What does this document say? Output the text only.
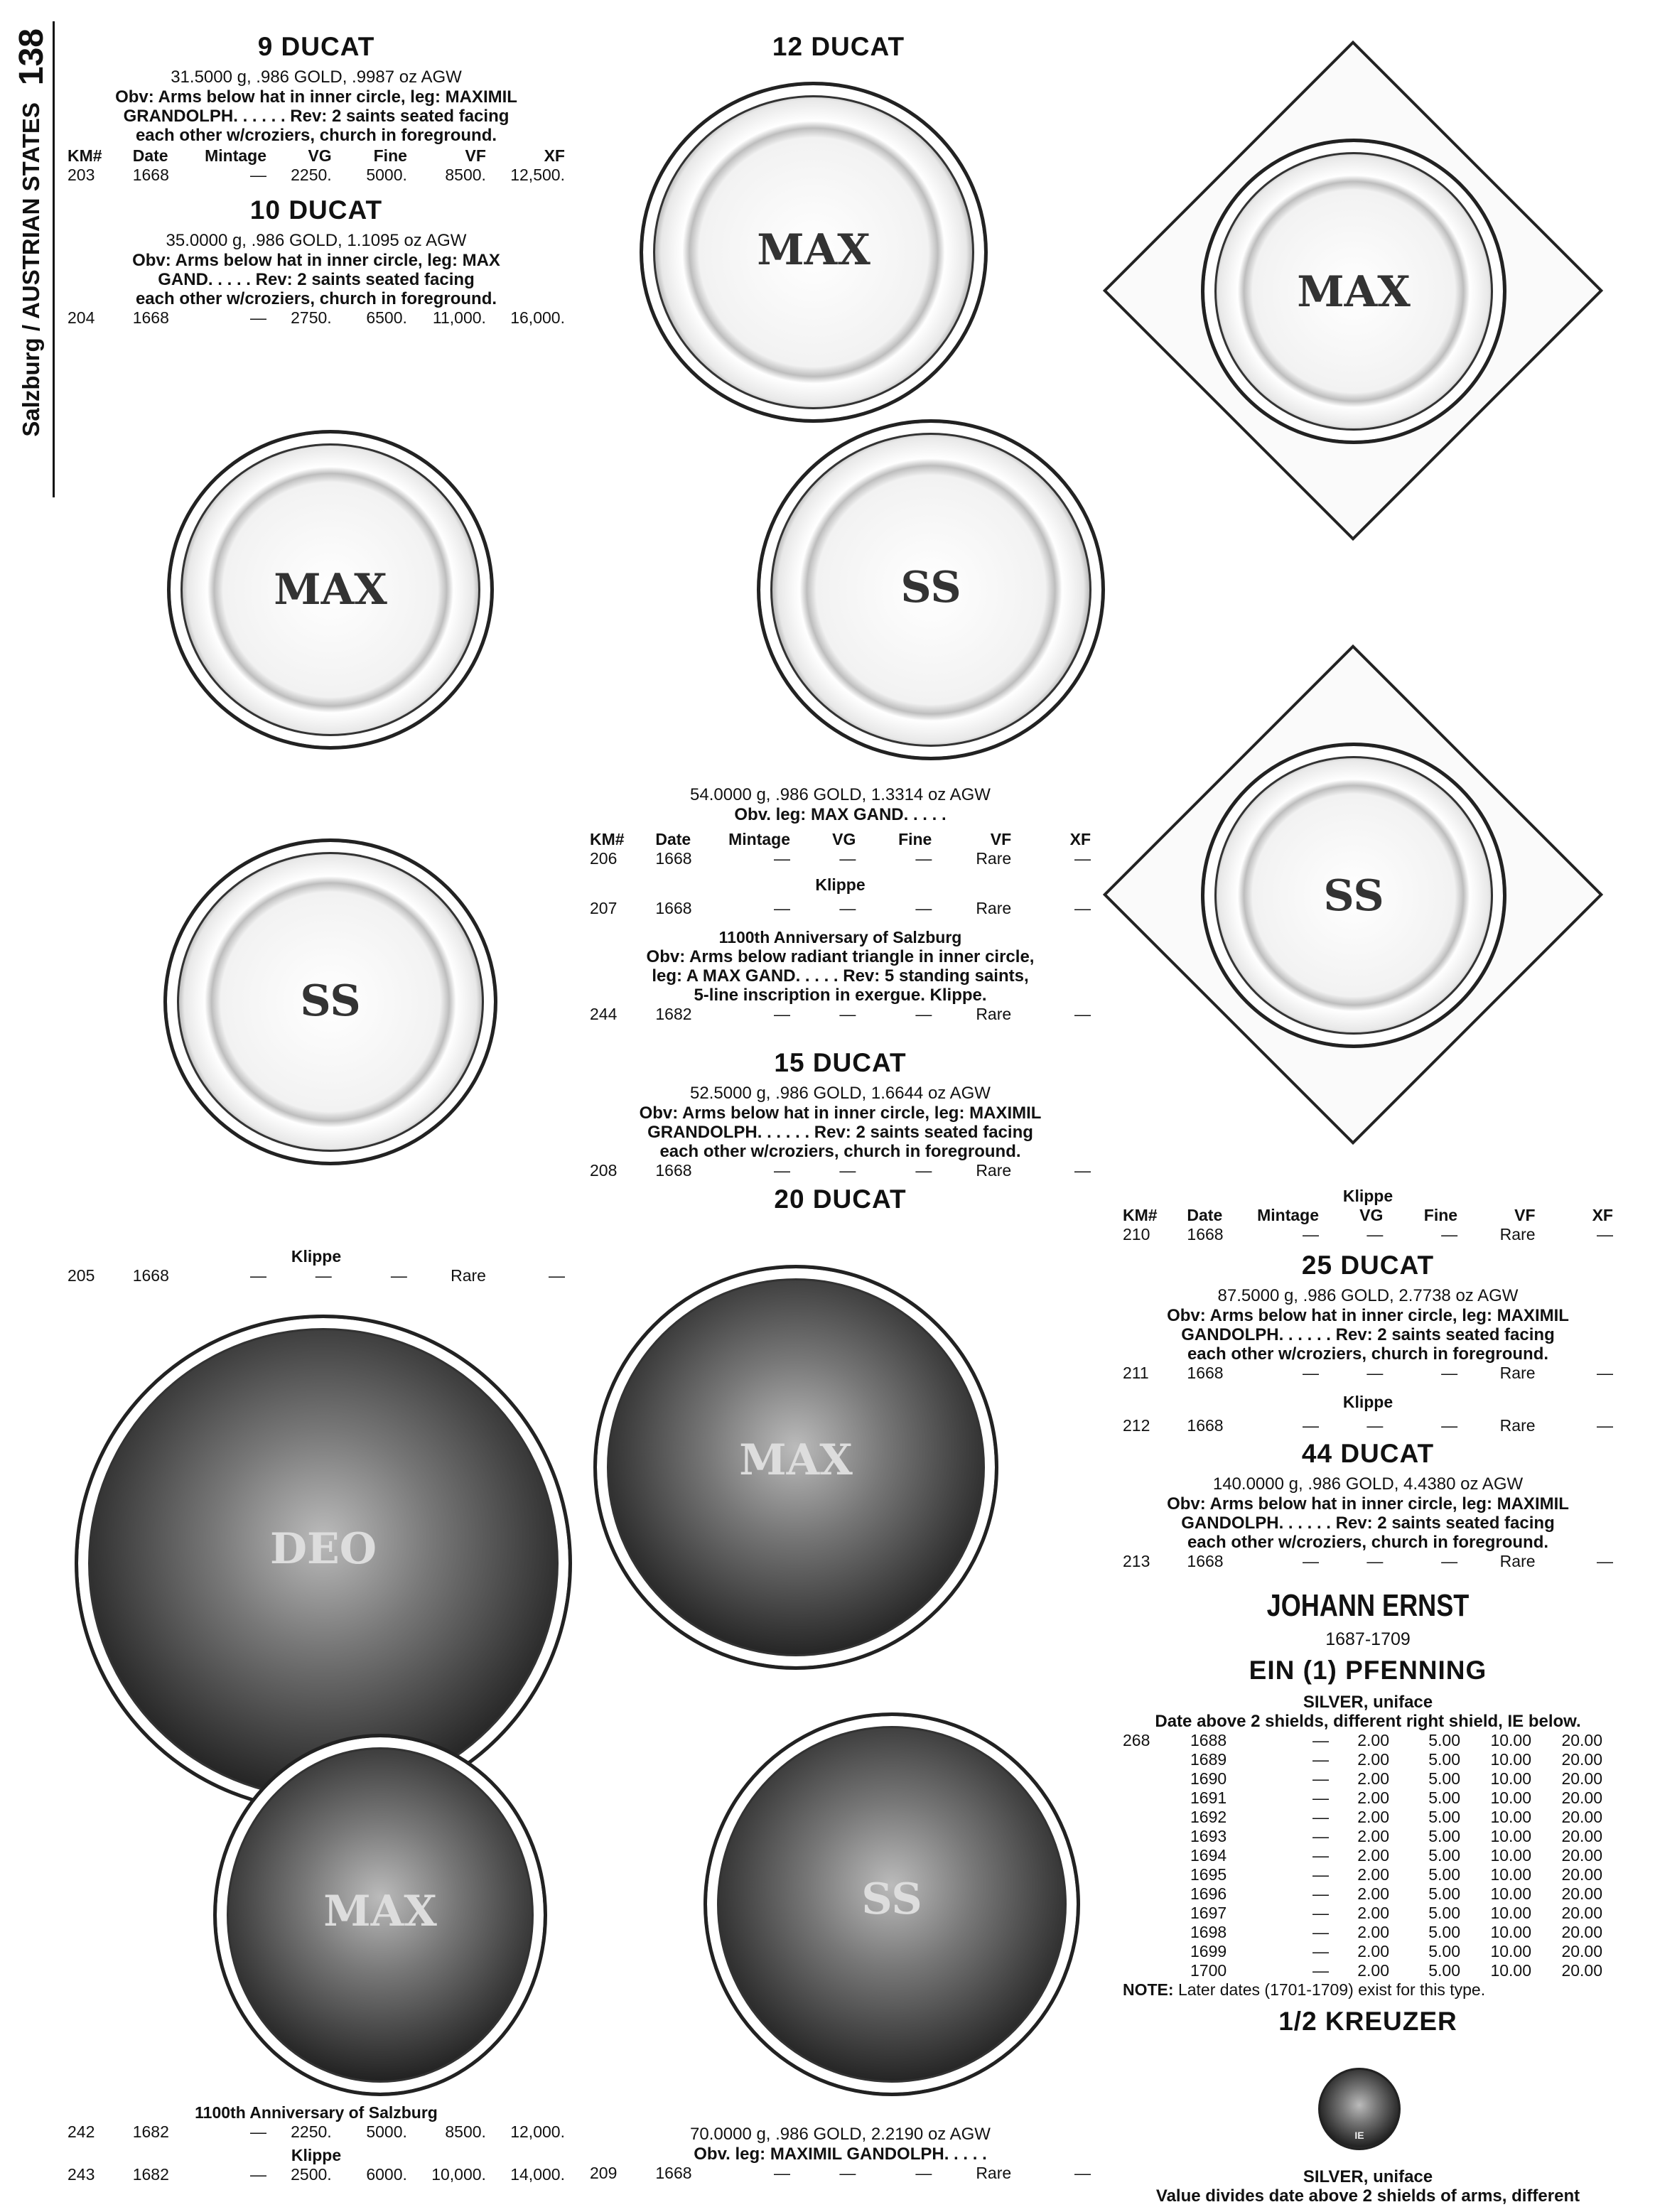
Salzburg / AUSTRIAN STATES
138	9 DUCAT
31.5000 g, .986 GOLD, .9987 oz AGW
Obv: Arms below hat in inner circle, leg: MAXIMIL
GRANDOLPH. . . . . . Rev: 2 saints seated facing
each other w/croziers, church in foreground.
KM#	Date	Mintage	VG	Fine	VF	XF
203	1668	—	2250.	5000.	8500.	12,500.
10 DUCAT
35.0000 g, .986 GOLD, 1.1095 oz AGW
Obv: Arms below hat in inner circle, leg: MAX
GAND. . . . . Rev: 2 saints seated facing
each other w/croziers, church in foreground.
204	1668	—	2750.	6500.	11,000.	16,000.
MAX
SS
Klippe
205	1668	—	—	—	Rare	—
DEO
MAX
1100th Anniversary of Salzburg
242	1682	—	2250.	5000.	8500.	12,000.
Klippe
243	1682	—	2500.	6000.	10,000.	14,000.
12 DUCAT
MAX
SS
54.0000 g, .986 GOLD, 1.3314 oz AGW
Obv. leg: MAX GAND. . . . .
KM#	Date	Mintage	VG	Fine	VF	XF
206	1668	—	—	—	Rare	—
Klippe
207	1668	—	—	—	Rare	—
1100th Anniversary of Salzburg
Obv: Arms below radiant triangle in inner circle,
leg: A MAX GAND. . . . . Rev: 5 standing saints,
5-line inscription in exergue. Klippe.
244	1682	—	—	—	Rare	—
15 DUCAT
52.5000 g, .986 GOLD, 1.6644 oz AGW
Obv: Arms below hat in inner circle, leg: MAXIMIL
GRANDOLPH. . . . . . Rev: 2 saints seated facing
each other w/croziers, church in foreground.
208	1668	—	—	—	Rare	—
20 DUCAT
MAX
SS
70.0000 g, .986 GOLD, 2.2190 oz AGW
Obv. leg: MAXIMIL GANDOLPH. . . . .
209	1668	—	—	—	Rare	—
MAX
SS
Klippe
KM#	Date	Mintage	VG	Fine	VF	XF
210	1668	—	—	—	Rare	—
25 DUCAT
87.5000 g, .986 GOLD, 2.7738 oz AGW
Obv: Arms below hat in inner circle, leg: MAXIMIL
GANDOLPH. . . . . . Rev: 2 saints seated facing
each other w/croziers, church in foreground.
211	1668	—	—	—	Rare	—
Klippe
212	1668	—	—	—	Rare	—
44 DUCAT
140.0000 g, .986 GOLD, 4.4380 oz AGW
Obv: Arms below hat in inner circle, leg: MAXIMIL
GANDOLPH. . . . . . Rev: 2 saints seated facing
each other w/croziers, church in foreground.
213	1668	—	—	—	Rare	—
JOHANN ERNST
1687-1709
EIN (1) PFENNING
SILVER, uniface
Date above 2 shields, different right shield, IE below.
268	1688	—	2.00	5.00	10.00	20.00
1689	—	2.00	5.00	10.00	20.00
1690	—	2.00	5.00	10.00	20.00
1691	—	2.00	5.00	10.00	20.00
1692	—	2.00	5.00	10.00	20.00
1693	—	2.00	5.00	10.00	20.00
1694	—	2.00	5.00	10.00	20.00
1695	—	2.00	5.00	10.00	20.00
1696	—	2.00	5.00	10.00	20.00
1697	—	2.00	5.00	10.00	20.00
1698	—	2.00	5.00	10.00	20.00
1699	—	2.00	5.00	10.00	20.00
1700	—	2.00	5.00	10.00	20.00
NOTE: Later dates (1701-1709) exist for this type.
1/2 KREUZER
IE
SILVER, uniface
Value divides date above 2 shields of arms, different
